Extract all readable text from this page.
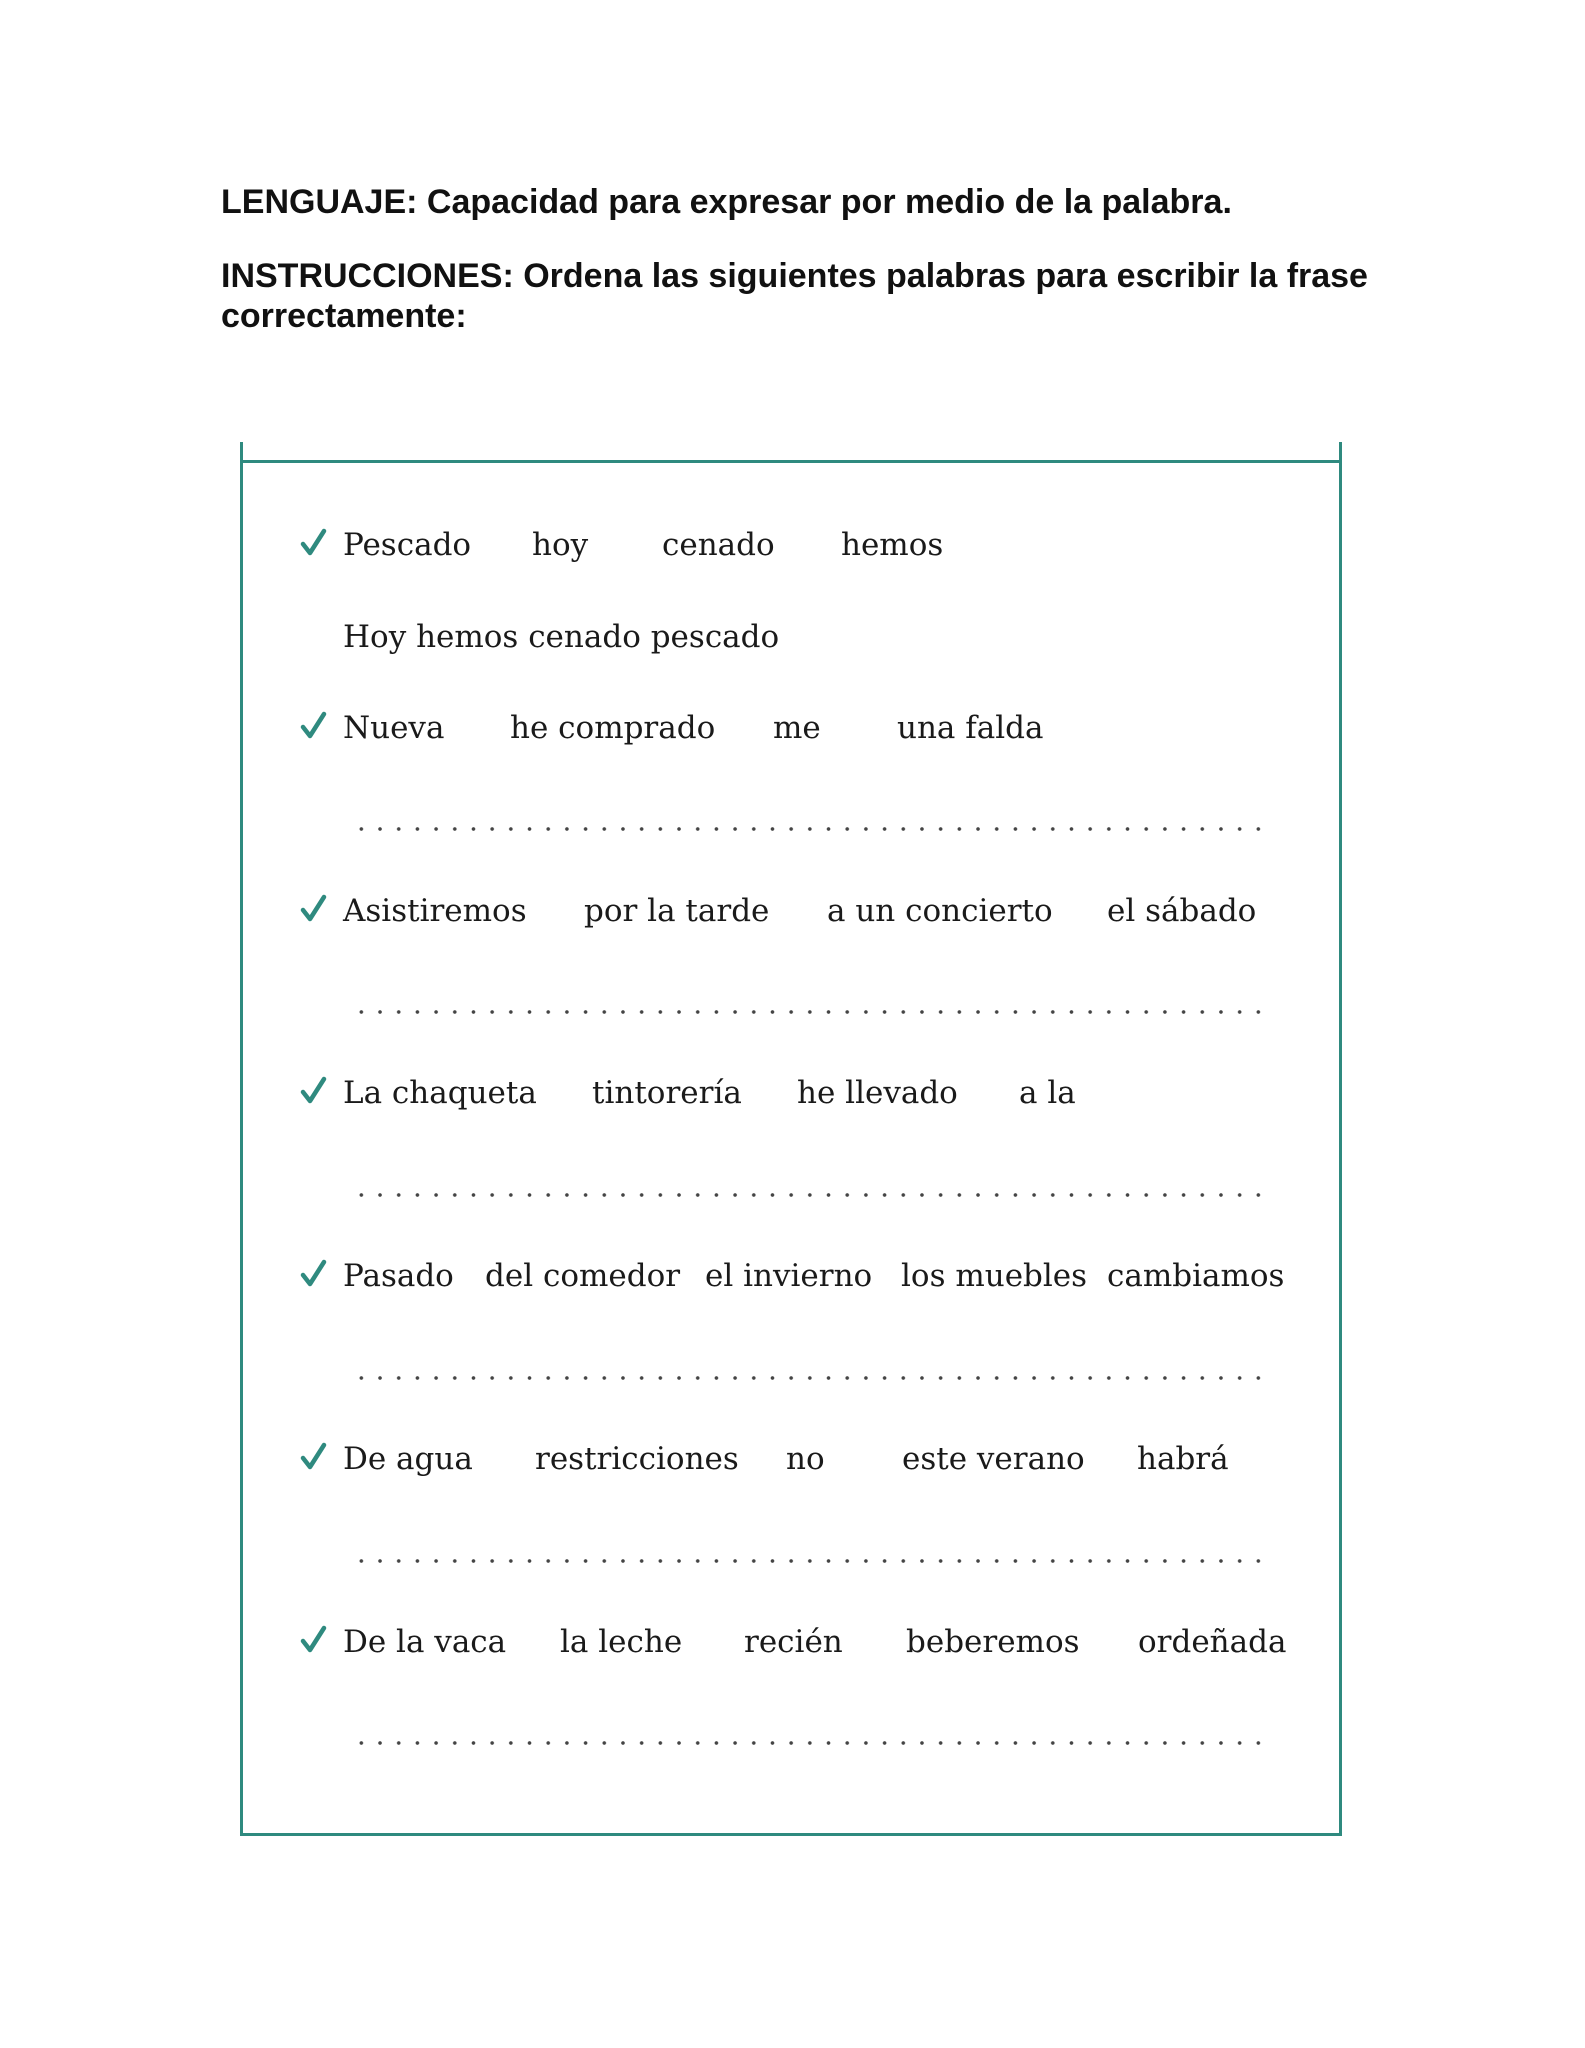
LENGUAJE: Capacidad para expresar por medio de la palabra.
INSTRUCCIONES: Ordena las siguientes palabras para escribir la frase correctamente:
Pescado hoy cenado hemos
Hoy hemos cenado pescado
Nueva he comprado me una falda
Asistiremos por la tarde a un concierto el sábado
La chaqueta tintorería he llevado a la
Pasado del comedor el invierno los muebles cambiamos
De agua restricciones no este verano habrá
De la vaca la leche recién beberemos ordeñada
